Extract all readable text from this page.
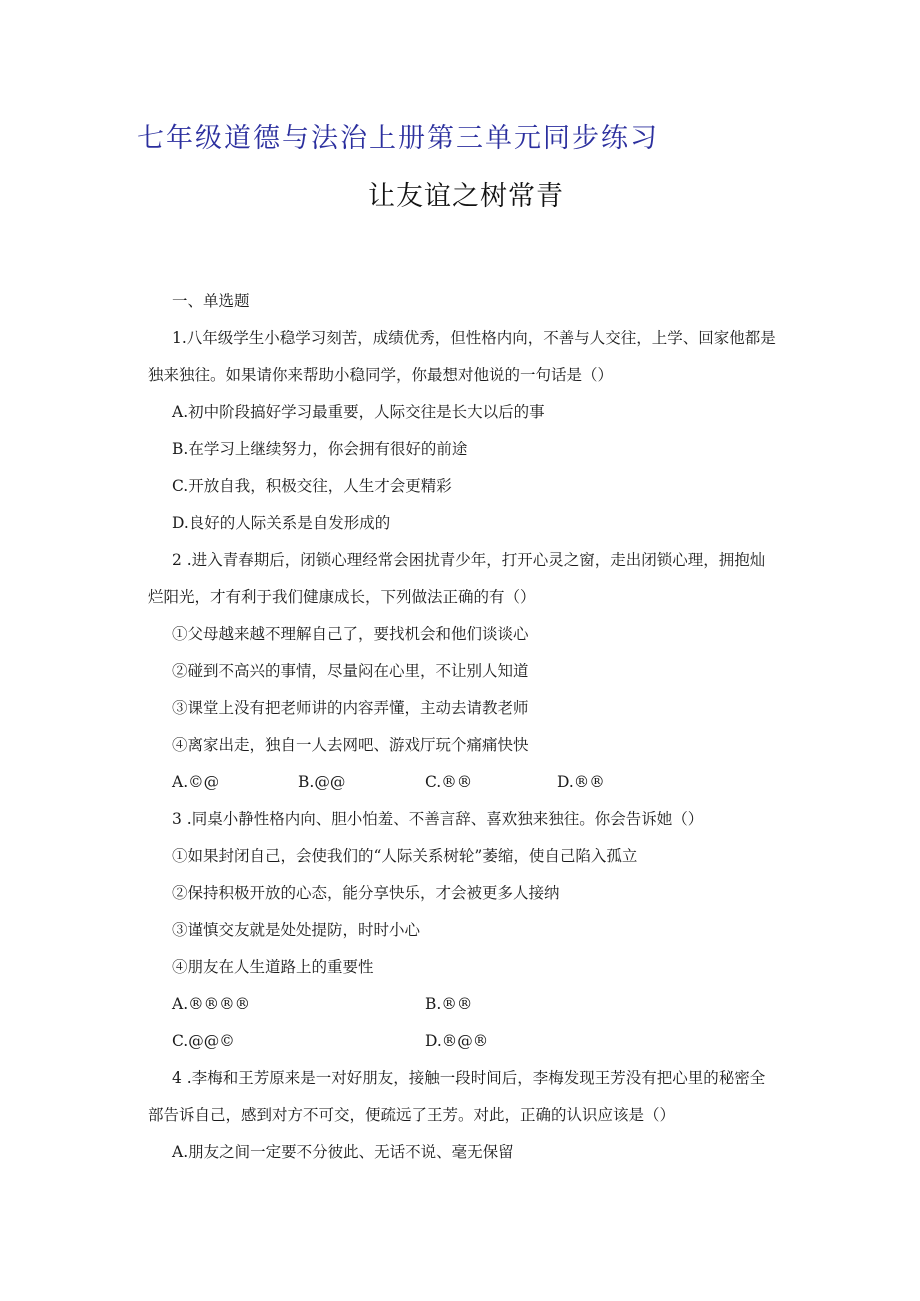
七年级道德与法治上册第三单元同步练习
让友谊之树常青
一、单选题
1.八年级学生小稳学习刻苦，成绩优秀，但性格内向，不善与人交往，上学、回家他都是
独来独往。如果请你来帮助小稳同学，你最想对他说的一句话是（）
A.初中阶段搞好学习最重要，人际交往是长大以后的事
B.在学习上继续努力，你会拥有很好的前途
C.开放自我，积极交往，人生才会更精彩
D.良好的人际关系是自发形成的
2 .进入青春期后，闭锁心理经常会困扰青少年，打开心灵之窗，走出闭锁心理，拥抱灿
烂阳光，才有利于我们健康成长，下列做法正确的有（）
①父母越来越不理解自己了，要找机会和他们谈谈心
②碰到不高兴的事情，尽量闷在心里，不让别人知道
③课堂上没有把老师讲的内容弄懂，主动去请教老师
④离家出走，独自一人去网吧、游戏厅玩个痛痛快快
A.©@	B.@@	C.®®	D.®®
3 .同桌小静性格内向、胆小怕羞、不善言辞、喜欢独来独往。你会告诉她（）
①如果封闭自己，会使我们的“人际关系树轮”萎缩，使自己陷入孤立
②保持积极开放的心态，能分享快乐，才会被更多人接纳
③谨慎交友就是处处提防，时时小心
④朋友在人生道路上的重要性
A.®®®®	B.®®
C.@@©	D.®@®
4 .李梅和王芳原来是一对好朋友，接触一段时间后，李梅发现王芳没有把心里的秘密全
部告诉自己，感到对方不可交，便疏远了王芳。对此，正确的认识应该是（）
A.朋友之间一定要不分彼此、无话不说、毫无保留
